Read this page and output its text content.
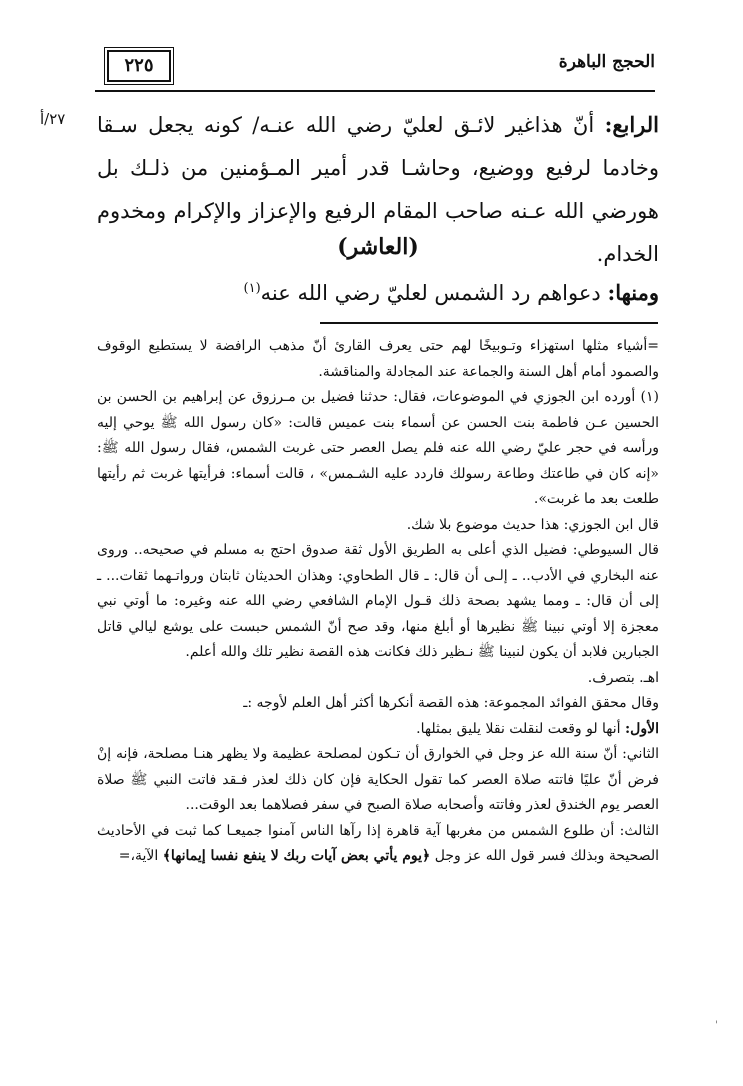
٢٢٥	الحجج الباهرة
٢٧/أ	الرابع: أنّ هذاغير لائـق لعليّ رضي الله عنـه/ كونه يجعل سـقا وخادما لرفيع ووضيع، وحاشـا قدر أمير المـؤمنين من ذلـك بل هورضي الله عـنه صاحب المقام الرفيع والإعزاز والإكرام ومخدوم الخدام.
(العاشر)
ومنها: دعواهم رد الشمس لعليّ رضي الله عنه$^{(١)}$

=أشياء مثلها استهزاء وتـوبيخًا لهم حتى يعرف القارئ أنّ مذهب الرافضة لا يستطيع الوقوف والصمود أمام أهل السنة والجماعة عند المجادلة والمناقشة.

(١) أورده ابن الجوزي في الموضوعات، فقال: حدثنا فضيل بن مـرزوق عن إبراهيم بن الحسن بن الحسين عـن فاطمة بنت الحسن عن أسماء بنت عميس قالت: «كان رسول الله ﷺ يوحي إليه ورأسه في حجر عليّ رضي الله عنه فلم يصل العصر حتى غربت الشمس، فقال رسول الله ﷺ: «إنه كان في طاعتك وطاعة رسولك فاردد عليه الشـمس» ، قالت أسماء: فرأيتها غربت ثم رأيتها طلعت بعد ما غربت».

قال ابن الجوزي: هذا حديث موضوع بلا شك.

قال السيوطي: فضيل الذي أعلى به الطريق الأول ثقة صدوق احتج به مسلم في صحيحه.. وروى عنه البخاري في الأدب.. ـ إلـى أن قال: ـ قال الطحاوي: وهذان الحديثان ثابتان ورواتـهما ثقات... ـ إلى أن قال: ـ ومما يشهد بصحة ذلك قـول الإمام الشافعي رضي الله عنه وغيره: ما أوتي نبي معجزة إلا أوتي نبينا ﷺ نظيرها أو أبلغ منها، وقد صح أنّ الشمس حبست على يوشع ليالي قاتل الجبارين فلابد أن يكون لنبينا ﷺ نـظير ذلك فكانت هذه القصة نظير تلك والله أعلم.

اهـ. بتصرف.

وقال محقق الفوائد المجموعة: هذه القصة أنكرها أكثر أهل العلم لأوجه :ـ

الأول: أنها لو وقعت لنقلت نقلا يليق بمثلها.

الثاني: أنّ سنة الله عز وجل في الخوارق أن تـكون لمصلحة عظيمة ولا يظهر هنـا مصلحة، فإنه إنْ فرض أنّ عليًا فاتته صلاة العصر كما تقول الحكاية فإن كان ذلك لعذر فـقد فاتت النبي ﷺ صلاة العصر يوم الخندق لعذر وفاتته وأصحابه صلاة الصبح في سفر فصلاهما بعد الوقت...

الثالث: أن طلوع الشمس من مغربها آية قاهرة إذا رآها الناس آمنوا جميعـا كما ثبت في الأحاديث الصحيحة وبذلك فسر قول الله عز وجل ﴿يوم يأتي بعض آيات ربك لا ينفع نفسا إيمانها﴾ الآية،=

'
